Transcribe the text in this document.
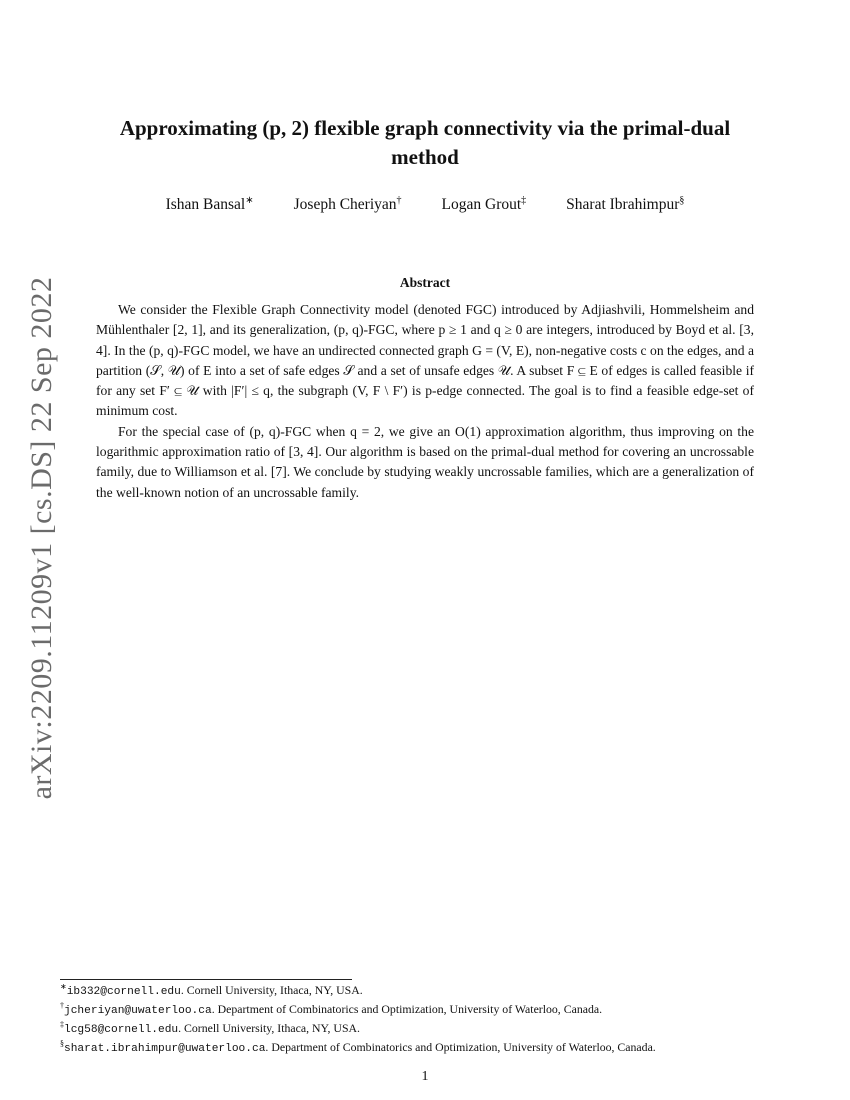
arXiv:2209.11209v1 [cs.DS] 22 Sep 2022
Approximating (p, 2) flexible graph connectivity via the primal-dual method
Ishan Bansal∗	Joseph Cheriyan†	Logan Grout‡	Sharat Ibrahimpur§
Abstract

We consider the Flexible Graph Connectivity model (denoted FGC) introduced by Adjiashvili, Hommelsheim and Mühlenthaler [2, 1], and its generalization, (p, q)-FGC, where p ≥ 1 and q ≥ 0 are integers, introduced by Boyd et al. [3, 4]. In the (p, q)-FGC model, we have an undirected connected graph G = (V, E), non-negative costs c on the edges, and a partition (𝒮, 𝒰) of E into a set of safe edges 𝒮 and a set of unsafe edges 𝒰. A subset F ⊆ E of edges is called feasible if for any set F′ ⊆ 𝒰 with |F′| ≤ q, the subgraph (V, F \ F′) is p-edge connected. The goal is to find a feasible edge-set of minimum cost.

For the special case of (p, q)-FGC when q = 2, we give an O(1) approximation algorithm, thus improving on the logarithmic approximation ratio of [3, 4]. Our algorithm is based on the primal-dual method for covering an uncrossable family, due to Williamson et al. [7]. We conclude by studying weakly uncrossable families, which are a generalization of the well-known notion of an uncrossable family.

∗ib332@cornell.edu. Cornell University, Ithaca, NY, USA.
†jcheriyan@uwaterloo.ca. Department of Combinatorics and Optimization, University of Waterloo, Canada.
‡lcg58@cornell.edu. Cornell University, Ithaca, NY, USA.
§sharat.ibrahimpur@uwaterloo.ca. Department of Combinatorics and Optimization, University of Waterloo, Canada.
1
